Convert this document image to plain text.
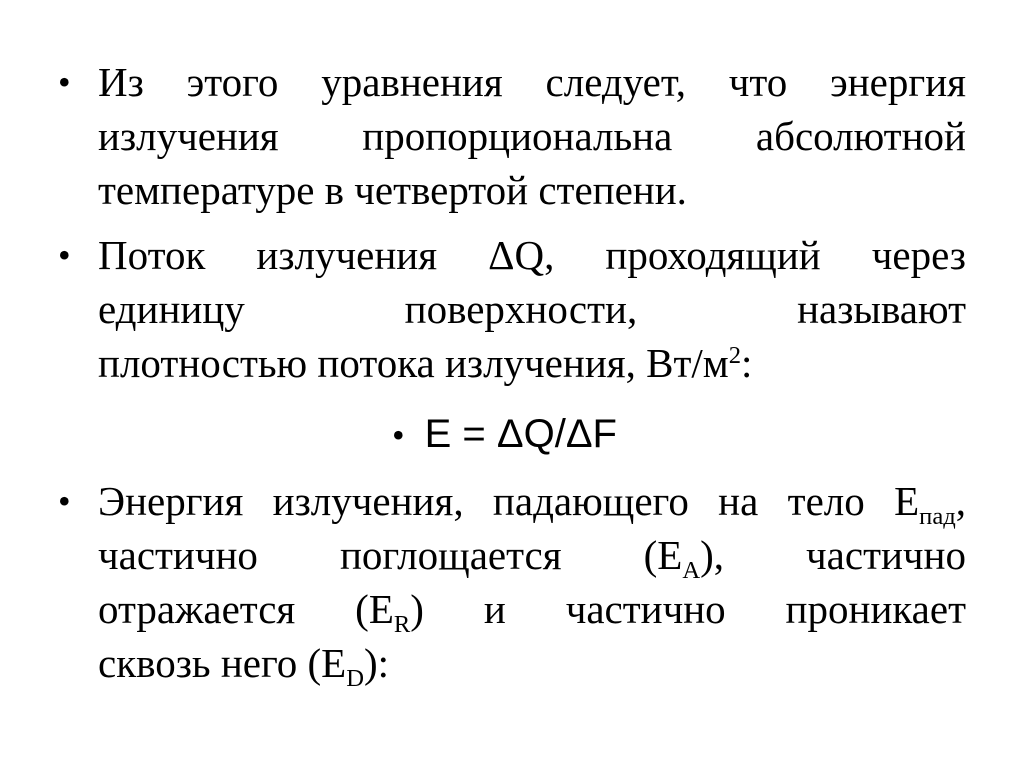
• Из этого уравнения следует, что энергия
излучения пропорциональна абсолютной
температуре в четвертой степени.
• Поток излучения ΔQ, проходящий через
единицу поверхности, называют
плотностью потока излучения, $Вт/м^2$:
• E = ΔQ/ΔF
• Энергия излучения, падающего на тело $E_{пад}$,
частично поглощается $(E_A)$, частично
отражается $(E_R)$ и частично проникает
сквозь него $(E_D)$:
